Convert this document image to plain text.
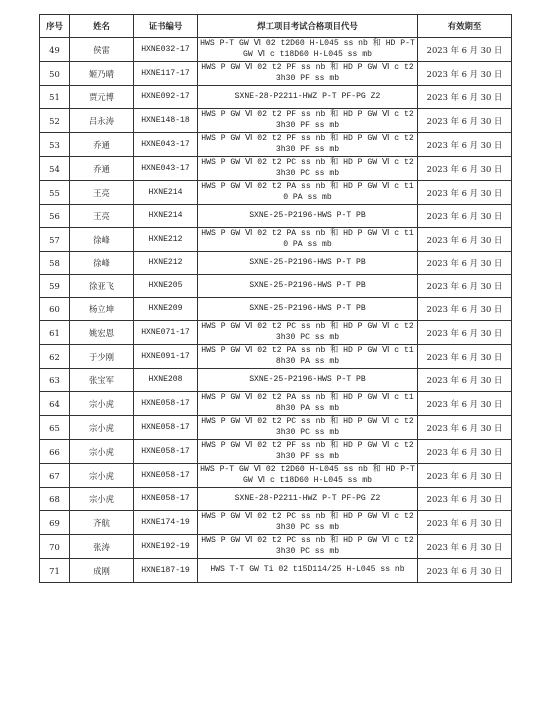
序号	姓名	证书编号	焊工项目考试合格项目代号	有效期至
49	侯雷	HXNE032-17	HWS P-T GW Ⅵ 02 t2D60 H-L045 ss nb 和 HD P-T GW Ⅵ c t18D60 H-L045 ss mb	2023 年 6 月 30 日
50	姬乃晴	HXNE117-17	HWS P GW Ⅵ 02 t2 PF ss nb 和 HD P GW Ⅵ c t23h30 PF ss mb	2023 年 6 月 30 日
51	贾元博	HXNE092-17	SXNE-28-P2211-HWZ P-T PF-PG Z2	2023 年 6 月 30 日
52	吕永涛	HXNE148-18	HWS P GW Ⅵ 02 t2 PF ss nb 和 HD P GW Ⅵ c t23h30 PF ss mb	2023 年 6 月 30 日
53	乔通	HXNE043-17	HWS P GW Ⅵ 02 t2 PF ss nb 和 HD P GW Ⅵ c t23h30 PF ss mb	2023 年 6 月 30 日
54	乔通	HXNE043-17	HWS P GW Ⅵ 02 t2 PC ss nb 和 HD P GW Ⅵ c t23h30 PC ss mb	2023 年 6 月 30 日
55	王亮	HXNE214	HWS P GW Ⅵ 02 t2 PA ss nb 和 HD P GW Ⅵ c t10 PA ss mb	2023 年 6 月 30 日
56	王亮	HXNE214	SXNE-25-P2196-HWS P-T PB	2023 年 6 月 30 日
57	徐峰	HXNE212	HWS P GW Ⅵ 02 t2 PA ss nb 和 HD P GW Ⅵ c t10 PA ss mb	2023 年 6 月 30 日
58	徐峰	HXNE212	SXNE-25-P2196-HWS P-T PB	2023 年 6 月 30 日
59	徐亚飞	HXNE205	SXNE-25-P2196-HWS P-T PB	2023 年 6 月 30 日
60	杨立坤	HXNE209	SXNE-25-P2196-HWS P-T PB	2023 年 6 月 30 日
61	姚宏恩	HXNE071-17	HWS P GW Ⅵ 02 t2 PC ss nb 和 HD P GW Ⅵ c t23h30 PC ss mb	2023 年 6 月 30 日
62	于少刚	HXNE091-17	HWS P GW Ⅵ 02 t2 PA ss nb 和 HD P GW Ⅵ c t18h30 PA ss mb	2023 年 6 月 30 日
63	张宝军	HXNE208	SXNE-25-P2196-HWS P-T PB	2023 年 6 月 30 日
64	宗小虎	HXNE058-17	HWS P GW Ⅵ 02 t2 PA ss nb 和 HD P GW Ⅵ c t18h30 PA ss mb	2023 年 6 月 30 日
65	宗小虎	HXNE058-17	HWS P GW Ⅵ 02 t2 PC ss nb 和 HD P GW Ⅵ c t23h30 PC ss mb	2023 年 6 月 30 日
66	宗小虎	HXNE058-17	HWS P GW Ⅵ 02 t2 PF ss nb 和 HD P GW Ⅵ c t23h30 PF ss mb	2023 年 6 月 30 日
67	宗小虎	HXNE058-17	HWS P-T GW Ⅵ 02 t2D60 H-L045 ss nb 和 HD P-T GW Ⅵ c t18D60 H-L045 ss mb	2023 年 6 月 30 日
68	宗小虎	HXNE058-17	SXNE-28-P2211-HWZ P-T PF-PG Z2	2023 年 6 月 30 日
69	齐航	HXNE174-19	HWS P GW Ⅵ 02 t2 PC ss nb 和 HD P GW Ⅵ c t23h30 PC ss mb	2023 年 6 月 30 日
70	张涛	HXNE192-19	HWS P GW Ⅵ 02 t2 PC ss nb 和 HD P GW Ⅵ c t23h30 PC ss mb	2023 年 6 月 30 日
71	成刚	HXNE187-19	HWS T-T GW Ti 02 t15D114/25 H-L045 ss nb	2023 年 6 月 30 日
